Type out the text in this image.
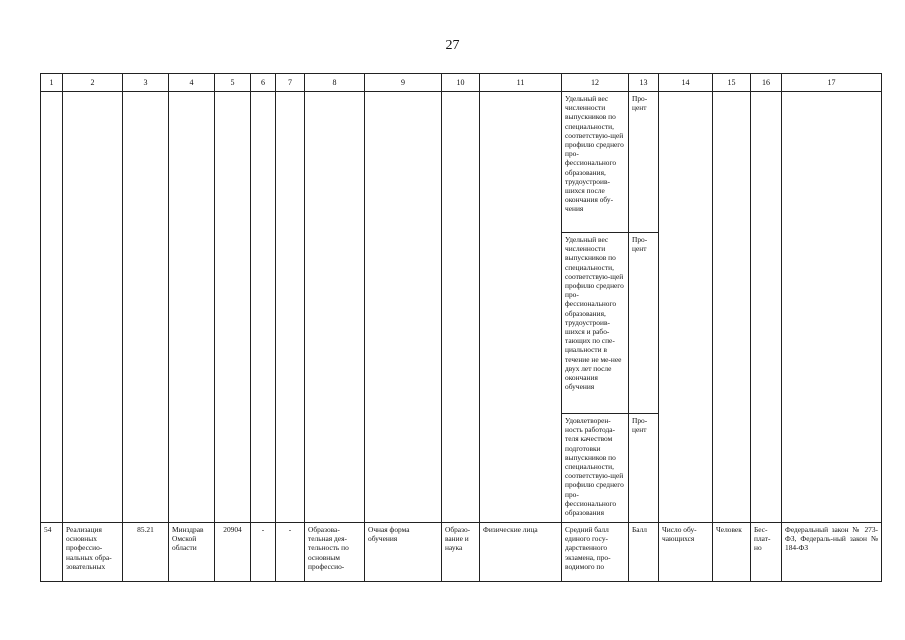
27
1	2	3	4	5	6	7	8	9	10	11	12	13	14	15	16	17
											Удельный вес численности выпускников по специальности, соответствую-щей профилю среднего про-фессионального образования, трудоустроив-шихся после окончания обу-чения	Про-цент				
											Удельный вес численности выпускников по специальности, соответствую-щей профилю среднего про-фессионального образования, трудоустроив-шихся и рабо-тающих по спе-циальности в течение не ме-нее двух лет после окончания обучения	Про-цент				
											Удовлетворен-ность работода-теля качеством подготовки выпускников по специальности, соответствую-щей профилю среднего про-фессионального образования	Про-цент				
54	Реализация основных профессио-нальных обра-зовательных	85.21	Минздрав Омской области	20904	-	-	Образова-тельная дея-тельность по основным профессио-	Очная форма обучения	Образо-вание и наука	Физические лица	Средний балл единого госу-дарственного экзамена, про-водимого по	Балл	Число обу-чающихся	Человек	Бес-плат-но	Федеральный закон № 273-ФЗ, Федераль-ный закон № 184-ФЗ
